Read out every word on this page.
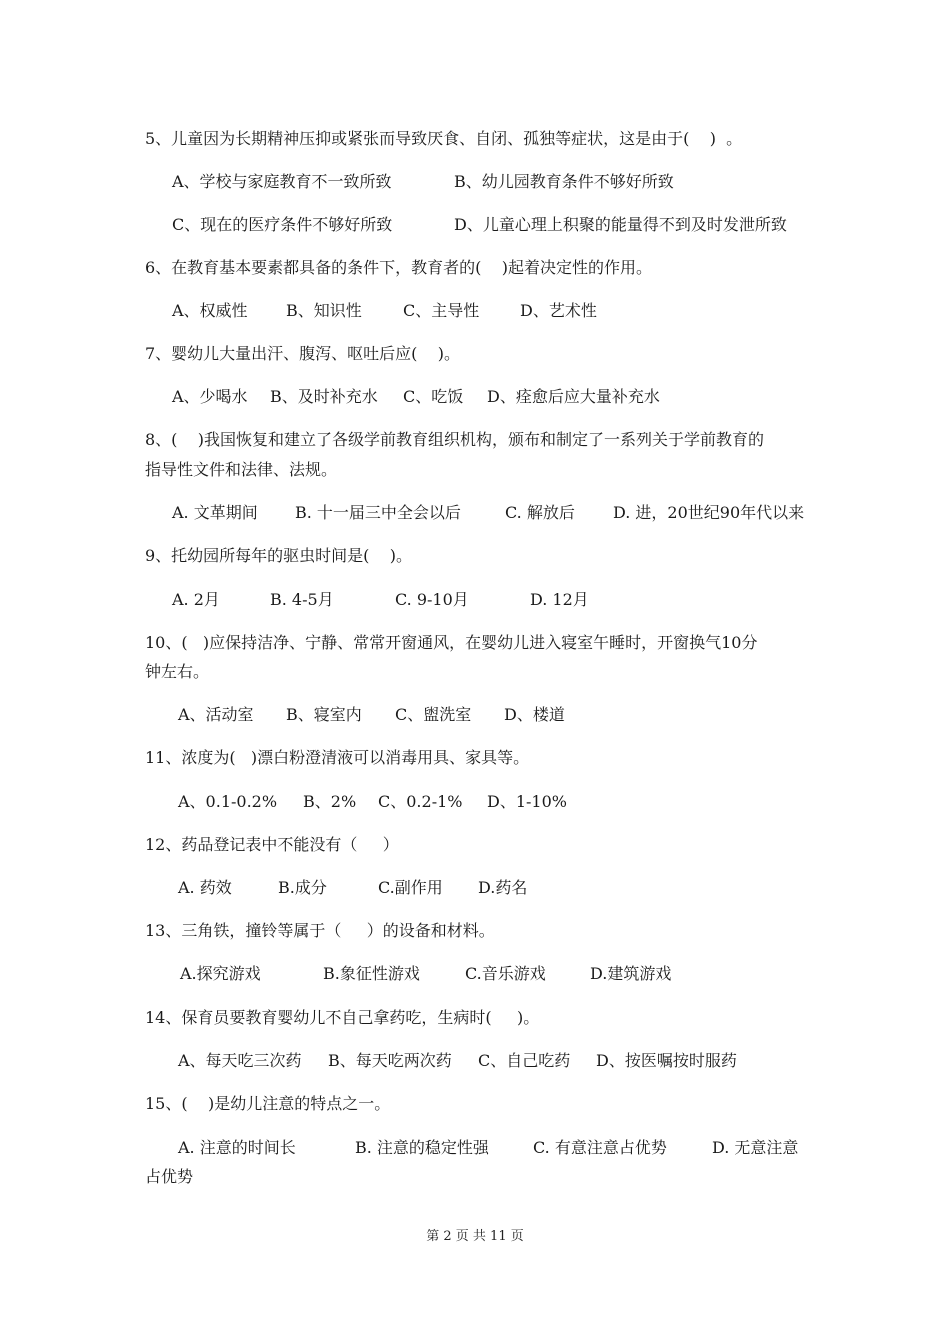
5、儿童因为长期精神压抑或紧张而导致厌食、自闭、孤独等症状，这是由于(    )  。
A、学校与家庭教育不一致所致	B、幼儿园教育条件不够好所致
C、现在的医疗条件不够好所致	D、儿童心理上积聚的能量得不到及时发泄所致
6、在教育基本要素都具备的条件下，教育者的(    )起着决定性的作用。
A、权威性 B、知识性	C、主导性	D、艺术性
7、婴幼儿大量出汗、腹泻、呕吐后应(    )。
A、少喝水 B、及时补充水 C、吃饭 D、痊愈后应大量补充水
8、(    )我国恢复和建立了各级学前教育组织机构，颁布和制定了一系列关于学前教育的
指导性文件和法律、法规。
A. 文革期间 B. 十一届三中全会以后	C. 解放后 D. 进，20世纪90年代以来
9、托幼园所每年的驱虫时间是(    )。
A. 2月	B. 4-5月	C. 9-10月	D. 12月
10、(   )应保持洁净、宁静、常常开窗通风，在婴幼儿进入寝室午睡时，开窗换气10分
钟左右。
A、活动室 B、寝室内 C、盥洗室 D、楼道
11、浓度为(   )漂白粉澄清液可以消毒用具、家具等。
A、0.1-0.2% B、2% C、0.2-1% D、1-10%
12、药品登记表中不能没有（     ）
A. 药效	B.成分	C.副作用 D.药名
13、三角铁，撞铃等属于（     ）的设备和材料。
A.探究游戏	B.象征性游戏	C.音乐游戏	D.建筑游戏
14、保育员要教育婴幼儿不自己拿药吃，生病时(     )。
A、每天吃三次药 B、每天吃两次药 C、自己吃药 D、按医嘱按时服药
15、(    )是幼儿注意的特点之一。
A. 注意的时间长	B. 注意的稳定性强	C. 有意注意占优势	D. 无意注意
占优势
第 2 页 共 11 页
